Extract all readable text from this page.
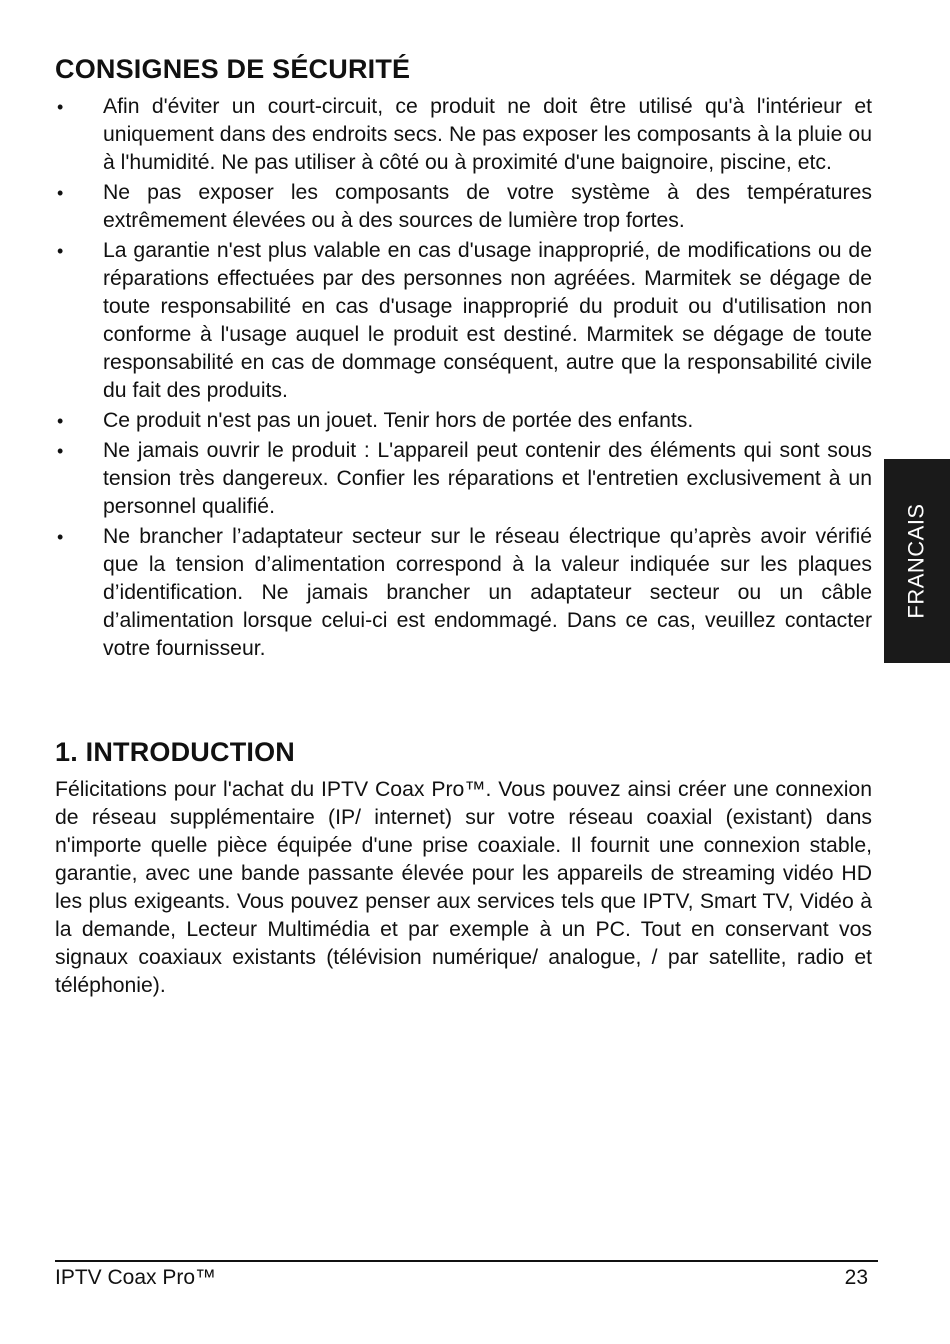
CONSIGNES DE SÉCURITÉ
• Afin d'éviter un court-circuit, ce produit ne doit être utilisé qu'à l'intérieur et uniquement dans des endroits secs. Ne pas exposer les composants à la pluie ou à l'humidité. Ne pas utiliser à côté ou à proximité d'une baignoire, piscine, etc.
• Ne pas exposer les composants de votre système à des températures extrêmement élevées ou à des sources de lumière trop fortes.
• La garantie n'est plus valable en cas d'usage inapproprié, de modifications ou de réparations effectuées par des personnes non agréées. Marmitek se dégage de toute responsabilité en cas d'usage inapproprié du produit ou d'utilisation non conforme à l'usage auquel le produit est destiné. Marmitek se dégage de toute responsabilité en cas de dommage conséquent, autre que la responsabilité civile du fait des produits.
• Ce produit n'est pas un jouet. Tenir hors de portée des enfants.
• Ne jamais ouvrir le produit : L'appareil peut contenir des éléments qui sont sous tension très dangereux. Confier les réparations et l'entretien exclusivement à un personnel qualifié.
• Ne brancher l’adaptateur secteur sur le réseau électrique qu’après avoir vérifié que la tension d’alimentation correspond à la valeur indiquée sur les plaques d’identification. Ne jamais brancher un adaptateur secteur ou un câble d’alimentation lorsque celui-ci est endommagé. Dans ce cas, veuillez contacter votre fournisseur.
1. INTRODUCTION

Félicitations pour l'achat du IPTV Coax Pro™. Vous pouvez ainsi créer une connexion de réseau supplémentaire (IP/ internet) sur votre réseau coaxial (existant) dans n'importe quelle pièce équipée d'une prise coaxiale. Il fournit une connexion stable, garantie, avec une bande passante élevée pour les appareils de streaming vidéo HD les plus exigeants. Vous pouvez penser aux services tels que IPTV, Smart TV, Vidéo à la demande, Lecteur Multimédia et par exemple à un PC. Tout en conservant vos signaux coaxiaux existants (télévision numérique/ analogue, / par satellite, radio et téléphonie).

FRANCAIS
IPTV Coax Pro™	23
